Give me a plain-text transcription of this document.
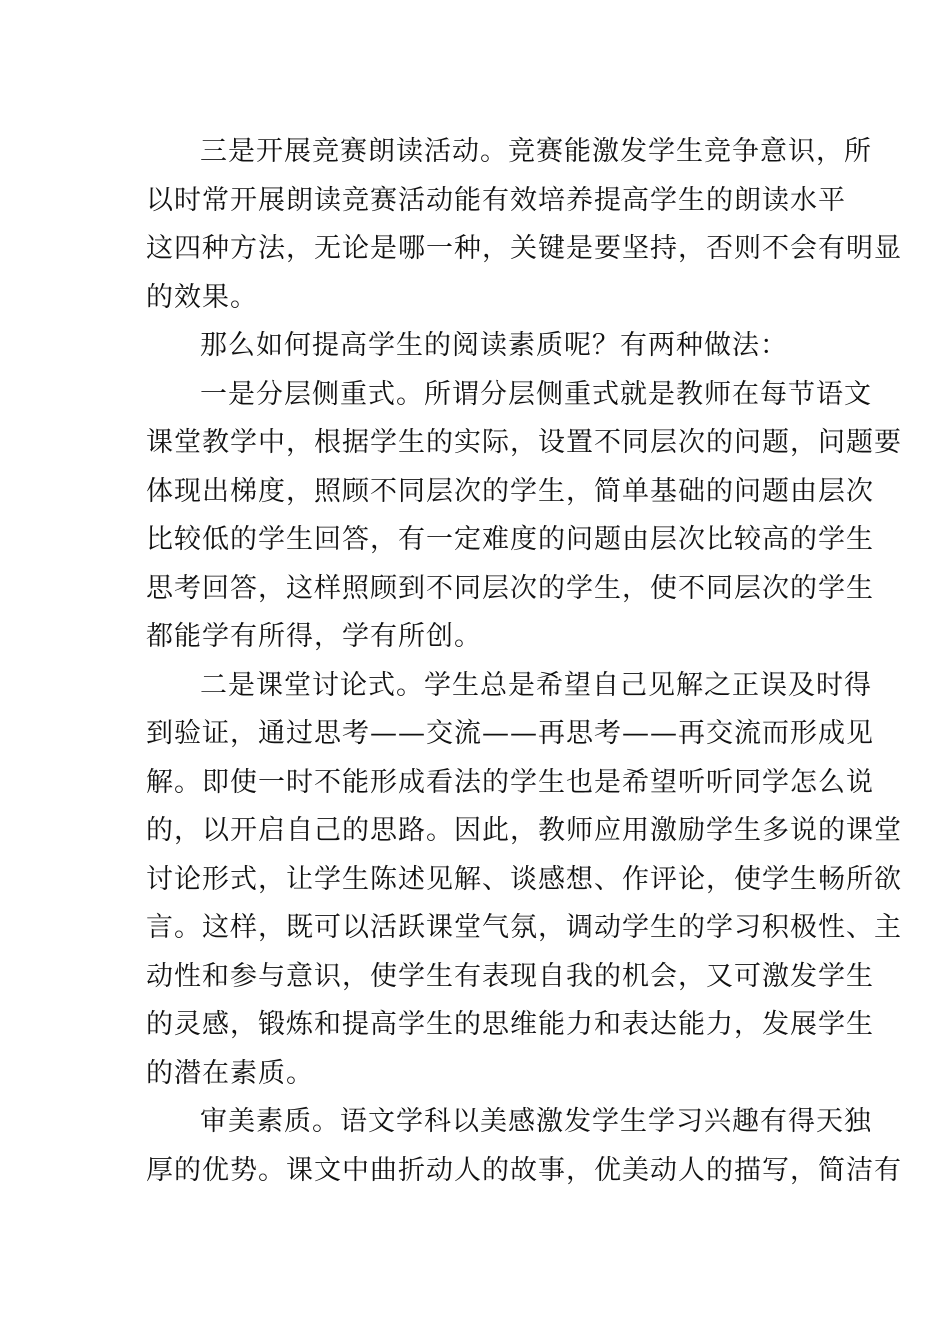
三是开展竞赛朗读活动。竞赛能激发学生竞争意识，所
以时常开展朗读竞赛活动能有效培养提高学生的朗读水平
这四种方法，无论是哪一种，关键是要坚持，否则不会有明显
的效果。
那么如何提高学生的阅读素质呢？有两种做法：
一是分层侧重式。所谓分层侧重式就是教师在每节语文
课堂教学中，根据学生的实际，设置不同层次的问题，问题要
体现出梯度，照顾不同层次的学生，简单基础的问题由层次
比较低的学生回答，有一定难度的问题由层次比较高的学生
思考回答，这样照顾到不同层次的学生，使不同层次的学生
都能学有所得，学有所创。
二是课堂讨论式。学生总是希望自己见解之正误及时得
到验证，通过思考——交流——再思考——再交流而形成见
解。即使一时不能形成看法的学生也是希望听听同学怎么说
的，以开启自己的思路。因此，教师应用激励学生多说的课堂
讨论形式，让学生陈述见解、谈感想、作评论，使学生畅所欲
言。这样，既可以活跃课堂气氛，调动学生的学习积极性、主
动性和参与意识，使学生有表现自我的机会，又可激发学生
的灵感，锻炼和提高学生的思维能力和表达能力，发展学生
的潜在素质。
审美素质。语文学科以美感激发学生学习兴趣有得天独
厚的优势。课文中曲折动人的故事，优美动人的描写，简洁有
